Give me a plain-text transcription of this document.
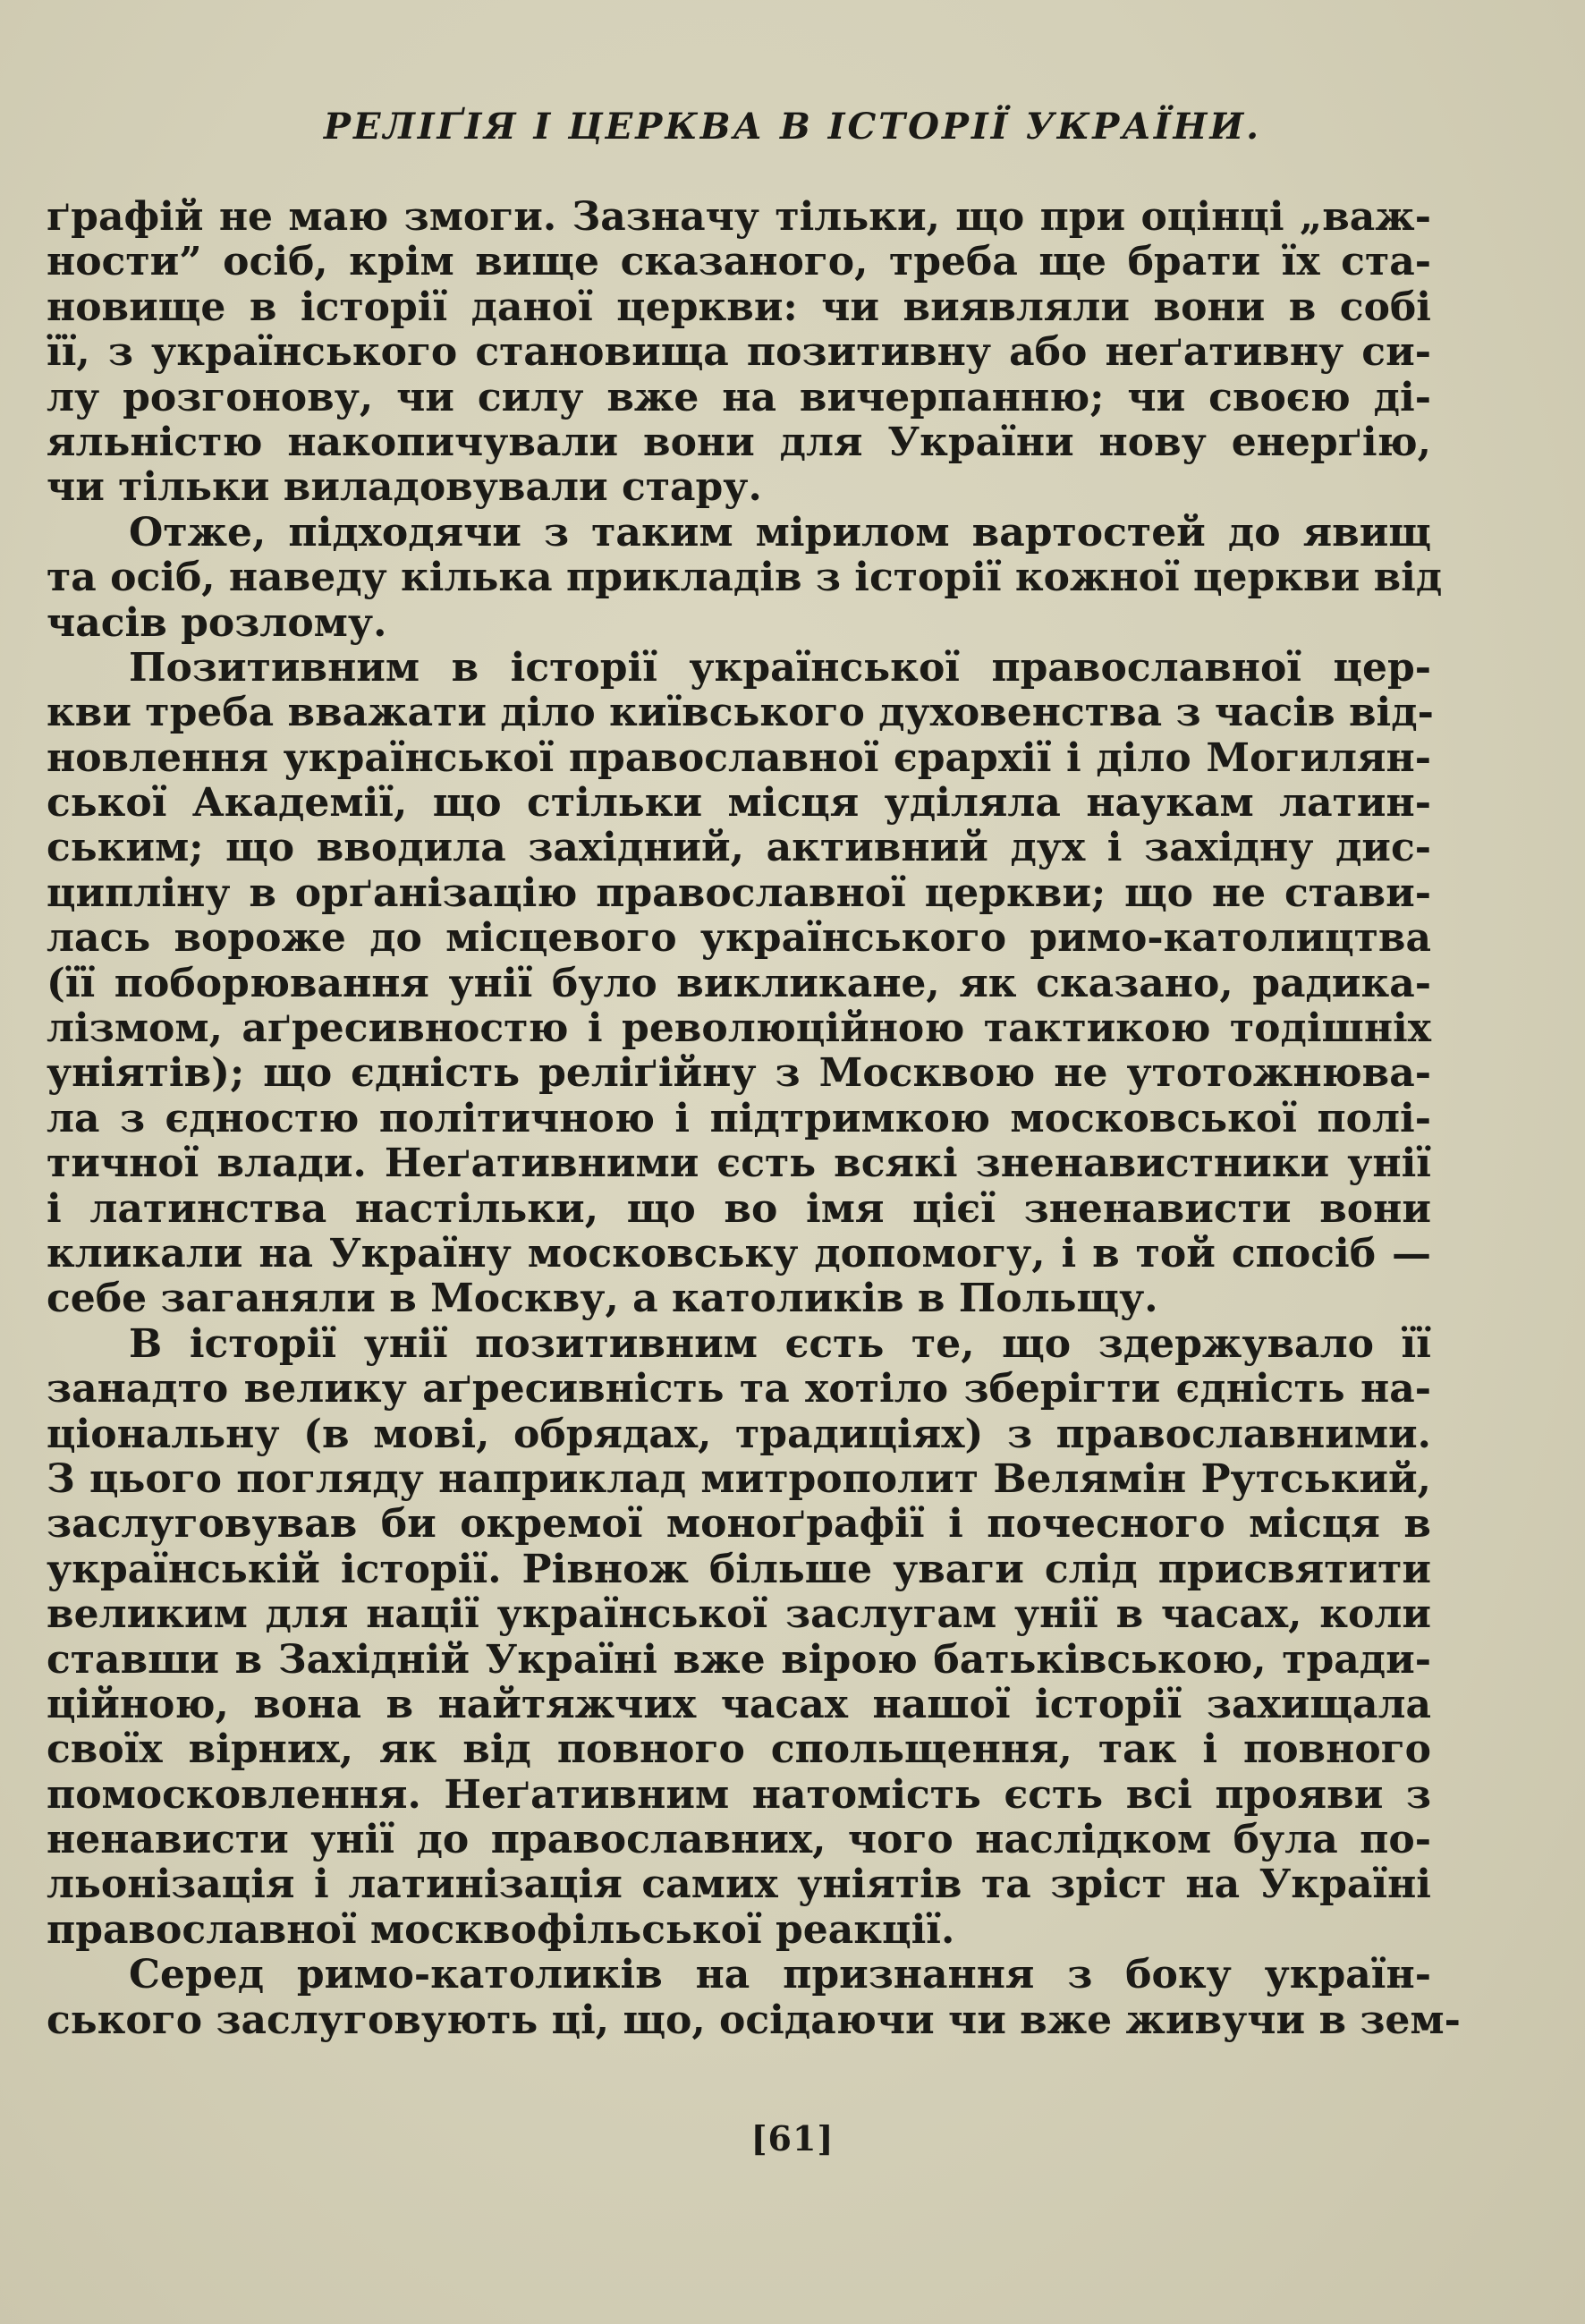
РЕЛІҐІЯ І ЦЕРКВА В ІСТОРІЇ УКРАЇНИ.
ґрафій не маю змоги. Зазначу тільки, що при оцінці „важ-
ности” осіб, крім вище сказаного, треба ще брати їх ста-
новище в історії даної церкви: чи виявляли вони в собі
її, з українського становища позитивну або неґативну си-
лу розгонову, чи силу вже на вичерпанню; чи своєю ді-
яльністю накопичували вони для України нову енерґію,
чи тільки виладовували стару.
Отже, підходячи з таким мірилом вартостей до явищ
та осіб, наведу кілька прикладів з історії кожної церкви від
часів розлому.
Позитивним в історії української православної цер-
кви треба вважати діло київського духовенства з часів від-
новлення української православної єрархії і діло Могилян-
ської Академії, що стільки місця уділяла наукам латин-
ським; що вводила західний, активний дух і західну дис-
ципліну в орґанізацію православної церкви; що не стави-
лась вороже до місцевого українського римо-католицтва
(її поборювання унії було викликане, як сказано, радика-
лізмом, аґресивностю і революційною тактикою тодішніх
уніятів); що єдність реліґійну з Москвою не утотожнюва-
ла з єдностю політичною і підтримкою московської полі-
тичної влади. Неґативними єсть всякі зненавистники унії
і латинства настільки, що во імя цієї зненависти вони
кликали на Україну московську допомогу, і в той спосіб —
себе заганяли в Москву, а католиків в Польщу.
В історії унії позитивним єсть те, що здержувало її
занадто велику аґресивність та хотіло зберігти єдність на-
ціональну (в мові, обрядах, традиціях) з православними.
З цього погляду наприклад митрополит Велямін Рутський,
заслуговував би окремої моноґрафії і почесного місця в
українській історії. Рівнож більше уваги слід присвятити
великим для нації української заслугам унії в часах, коли
ставши в Західній Україні вже вірою батьківською, тради-
ційною, вона в найтяжчих часах нашої історії захищала
своїх вірних, як від повного спольщення, так і повного
помосковлення. Неґативним натомість єсть всі прояви з
ненависти унії до православних, чого наслідком була по-
льонізація і латинізація самих уніятів та зріст на Україні
православної москвофільської реакції.
Серед римо-католиків на признання з боку україн-
ського заслуговують ці, що, осідаючи чи вже живучи в зем-
[61]
